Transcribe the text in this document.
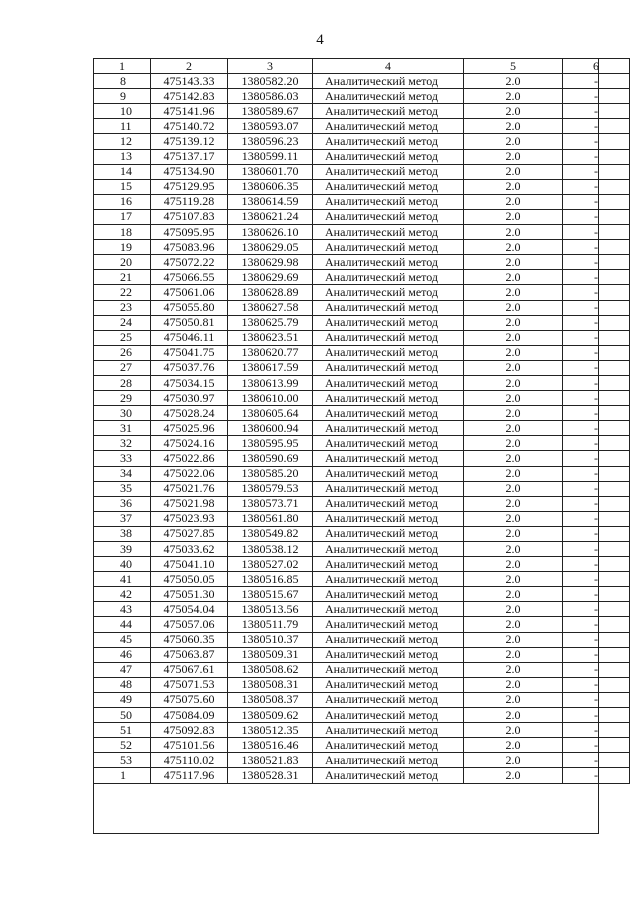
4
1	2	3	4	5	6
8	475143.33	1380582.20	Аналитический метод	2.0	-
9	475142.83	1380586.03	Аналитический метод	2.0	-
10	475141.96	1380589.67	Аналитический метод	2.0	-
11	475140.72	1380593.07	Аналитический метод	2.0	-
12	475139.12	1380596.23	Аналитический метод	2.0	-
13	475137.17	1380599.11	Аналитический метод	2.0	-
14	475134.90	1380601.70	Аналитический метод	2.0	-
15	475129.95	1380606.35	Аналитический метод	2.0	-
16	475119.28	1380614.59	Аналитический метод	2.0	-
17	475107.83	1380621.24	Аналитический метод	2.0	-
18	475095.95	1380626.10	Аналитический метод	2.0	-
19	475083.96	1380629.05	Аналитический метод	2.0	-
20	475072.22	1380629.98	Аналитический метод	2.0	-
21	475066.55	1380629.69	Аналитический метод	2.0	-
22	475061.06	1380628.89	Аналитический метод	2.0	-
23	475055.80	1380627.58	Аналитический метод	2.0	-
24	475050.81	1380625.79	Аналитический метод	2.0	-
25	475046.11	1380623.51	Аналитический метод	2.0	-
26	475041.75	1380620.77	Аналитический метод	2.0	-
27	475037.76	1380617.59	Аналитический метод	2.0	-
28	475034.15	1380613.99	Аналитический метод	2.0	-
29	475030.97	1380610.00	Аналитический метод	2.0	-
30	475028.24	1380605.64	Аналитический метод	2.0	-
31	475025.96	1380600.94	Аналитический метод	2.0	-
32	475024.16	1380595.95	Аналитический метод	2.0	-
33	475022.86	1380590.69	Аналитический метод	2.0	-
34	475022.06	1380585.20	Аналитический метод	2.0	-
35	475021.76	1380579.53	Аналитический метод	2.0	-
36	475021.98	1380573.71	Аналитический метод	2.0	-
37	475023.93	1380561.80	Аналитический метод	2.0	-
38	475027.85	1380549.82	Аналитический метод	2.0	-
39	475033.62	1380538.12	Аналитический метод	2.0	-
40	475041.10	1380527.02	Аналитический метод	2.0	-
41	475050.05	1380516.85	Аналитический метод	2.0	-
42	475051.30	1380515.67	Аналитический метод	2.0	-
43	475054.04	1380513.56	Аналитический метод	2.0	-
44	475057.06	1380511.79	Аналитический метод	2.0	-
45	475060.35	1380510.37	Аналитический метод	2.0	-
46	475063.87	1380509.31	Аналитический метод	2.0	-
47	475067.61	1380508.62	Аналитический метод	2.0	-
48	475071.53	1380508.31	Аналитический метод	2.0	-
49	475075.60	1380508.37	Аналитический метод	2.0	-
50	475084.09	1380509.62	Аналитический метод	2.0	-
51	475092.83	1380512.35	Аналитический метод	2.0	-
52	475101.56	1380516.46	Аналитический метод	2.0	-
53	475110.02	1380521.83	Аналитический метод	2.0	-
1	475117.96	1380528.31	Аналитический метод	2.0	-
